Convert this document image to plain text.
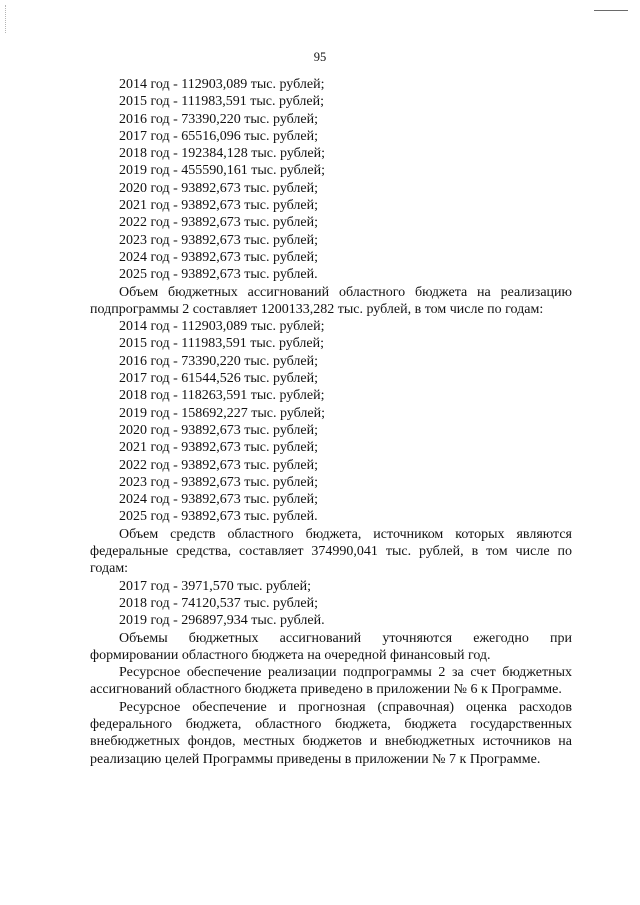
95
2014 год - 112903,089 тыс. рублей;
2015 год - 111983,591 тыс. рублей;
2016 год - 73390,220 тыс. рублей;
2017 год - 65516,096 тыс. рублей;
2018 год - 192384,128 тыс. рублей;
2019 год - 455590,161 тыс. рублей;
2020 год - 93892,673 тыс. рублей;
2021 год - 93892,673 тыс. рублей;
2022 год - 93892,673 тыс. рублей;
2023 год - 93892,673 тыс. рублей;
2024 год - 93892,673 тыс. рублей;
2025 год - 93892,673 тыс. рублей.

Объем бюджетных ассигнований областного бюджета на реализацию подпрограммы 2 составляет 1200133,282 тыс. рублей, в том числе по годам:

2014 год - 112903,089 тыс. рублей;
2015 год - 111983,591 тыс. рублей;
2016 год - 73390,220 тыс. рублей;
2017 год - 61544,526 тыс. рублей;
2018 год - 118263,591 тыс. рублей;
2019 год - 158692,227 тыс. рублей;
2020 год - 93892,673 тыс. рублей;
2021 год - 93892,673 тыс. рублей;
2022 год - 93892,673 тыс. рублей;
2023 год - 93892,673 тыс. рублей;
2024 год - 93892,673 тыс. рублей;
2025 год - 93892,673 тыс. рублей.

Объем средств областного бюджета, источником которых являются федеральные средства, составляет 374990,041 тыс. рублей, в том числе по годам:

2017 год - 3971,570 тыс. рублей;
2018 год - 74120,537 тыс. рублей;
2019 год - 296897,934 тыс. рублей.

Объемы бюджетных ассигнований уточняются ежегодно при формировании областного бюджета на очередной финансовый год.

Ресурсное обеспечение реализации подпрограммы 2 за счет бюджетных ассигнований областного бюджета приведено в приложении № 6 к Программе.

Ресурсное обеспечение и прогнозная (справочная) оценка расходов федерального бюджета, областного бюджета, бюджета государственных внебюджетных фондов, местных бюджетов и внебюджетных источников на реализацию целей Программы приведены в приложении № 7 к Программе.
